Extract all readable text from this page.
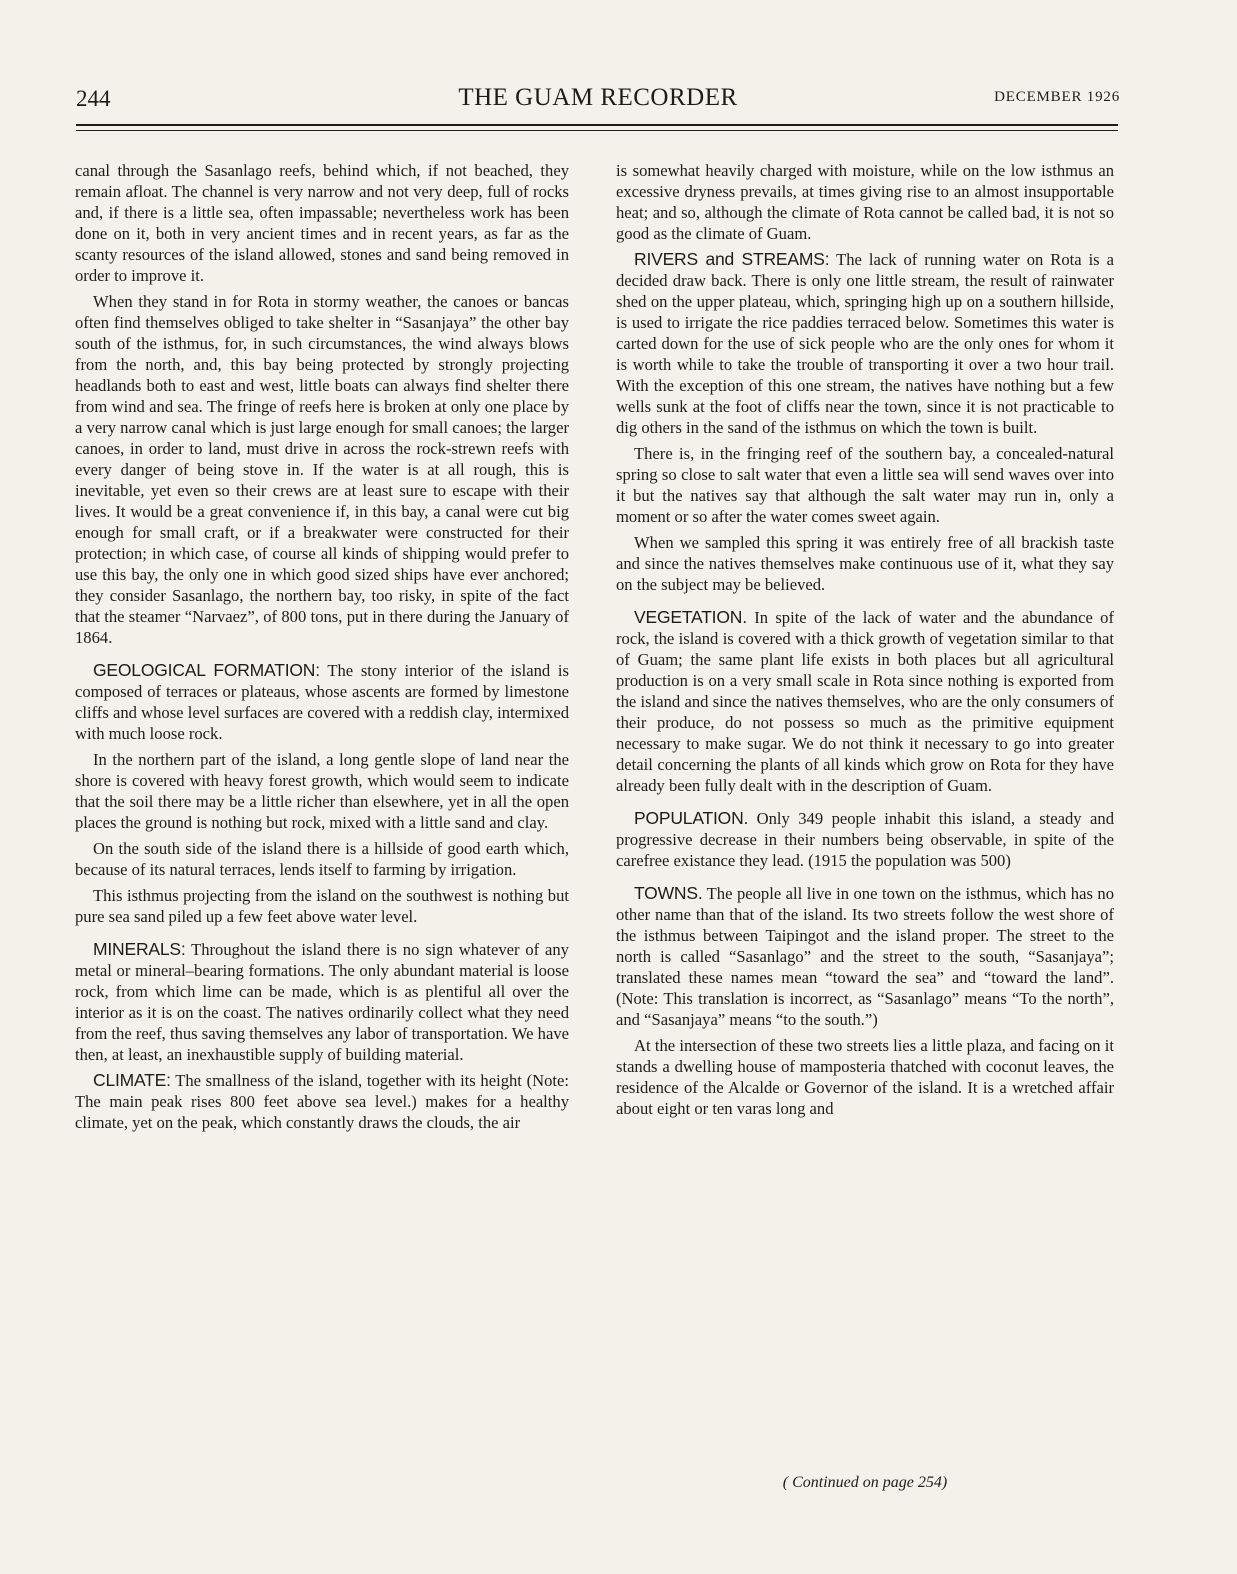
244	THE GUAM RECORDER	DECEMBER 1926

canal through the Sasanlago reefs, behind which, if not beached, they remain afloat. The channel is very narrow and not very deep, full of rocks and, if there is a little sea, often impassable; nevertheless work has been done on it, both in very ancient times and in recent years, as far as the scanty resources of the island allowed, stones and sand being removed in order to improve it.

When they stand in for Rota in stormy weather, the canoes or bancas often find themselves obliged to take shelter in “Sasanjaya” the other bay south of the isthmus, for, in such circumstances, the wind always blows from the north, and, this bay being protected by strongly projecting headlands both to east and west, little boats can always find shelter there from wind and sea. The fringe of reefs here is broken at only one place by a very narrow canal which is just large enough for small canoes; the larger canoes, in order to land, must drive in across the rock-strewn reefs with every danger of being stove in. If the water is at all rough, this is inevitable, yet even so their crews are at least sure to escape with their lives. It would be a great convenience if, in this bay, a canal were cut big enough for small craft, or if a breakwater were constructed for their protection; in which case, of course all kinds of shipping would prefer to use this bay, the only one in which good sized ships have ever anchored; they consider Sasanlago, the northern bay, too risky, in spite of the fact that the steamer “Narvaez”, of 800 tons, put in there during the January of 1864.

GEOLOGICAL FORMATION: The stony interior of the island is composed of terraces or plateaus, whose ascents are formed by limestone cliffs and whose level surfaces are covered with a reddish clay, intermixed with much loose rock.

In the northern part of the island, a long gentle slope of land near the shore is covered with heavy forest growth, which would seem to indicate that the soil there may be a little richer than elsewhere, yet in all the open places the ground is nothing but rock, mixed with a little sand and clay.

On the south side of the island there is a hillside of good earth which, because of its natural terraces, lends itself to farming by irrigation.

This isthmus projecting from the island on the southwest is nothing but pure sea sand piled up a few feet above water level.

MINERALS: Throughout the island there is no sign whatever of any metal or mineral–bearing formations. The only abundant material is loose rock, from which lime can be made, which is as plentiful all over the interior as it is on the coast. The natives ordinarily collect what they need from the reef, thus saving themselves any labor of transportation. We have then, at least, an inexhaustible supply of building material.

CLIMATE: The smallness of the island, together with its height (Note: The main peak rises 800 feet above sea level.) makes for a healthy climate, yet on the peak, which constantly draws the clouds, the air

is somewhat heavily charged with moisture, while on the low isthmus an excessive dryness prevails, at times giving rise to an almost insupportable heat; and so, although the climate of Rota cannot be called bad, it is not so good as the climate of Guam.

RIVERS and STREAMS: The lack of running water on Rota is a decided draw back. There is only one little stream, the result of rainwater shed on the upper plateau, which, springing high up on a southern hillside, is used to irrigate the rice paddies terraced below. Sometimes this water is carted down for the use of sick people who are the only ones for whom it is worth while to take the trouble of transporting it over a two hour trail. With the exception of this one stream, the natives have nothing but a few wells sunk at the foot of cliffs near the town, since it is not practicable to dig others in the sand of the isthmus on which the town is built.

There is, in the fringing reef of the southern bay, a concealed-natural spring so close to salt water that even a little sea will send waves over into it but the natives say that although the salt water may run in, only a moment or so after the water comes sweet again.

When we sampled this spring it was entirely free of all brackish taste and since the natives themselves make continuous use of it, what they say on the subject may be believed.

VEGETATION. In spite of the lack of water and the abundance of rock, the island is covered with a thick growth of vegetation similar to that of Guam; the same plant life exists in both places but all agricultural production is on a very small scale in Rota since nothing is exported from the island and since the natives themselves, who are the only consumers of their produce, do not possess so much as the primitive equipment necessary to make sugar. We do not think it necessary to go into greater detail concerning the plants of all kinds which grow on Rota for they have already been fully dealt with in the description of Guam.

POPULATION. Only 349 people inhabit this island, a steady and progressive decrease in their numbers being observable, in spite of the carefree existance they lead. (1915 the population was 500)

TOWNS. The people all live in one town on the isthmus, which has no other name than that of the island. Its two streets follow the west shore of the isthmus between Taipingot and the island proper. The street to the north is called “Sasanlago” and the street to the south, “Sasanjaya”; translated these names mean “toward the sea” and “toward the land”. (Note: This translation is incorrect, as “Sasanlago” means “To the north”, and “Sasanjaya” means “to the south.”)

At the intersection of these two streets lies a little plaza, and facing on it stands a dwelling house of mamposteria thatched with coconut leaves, the residence of the Alcalde or Governor of the island. It is a wretched affair about eight or ten varas long and

( Continued on page 254)
